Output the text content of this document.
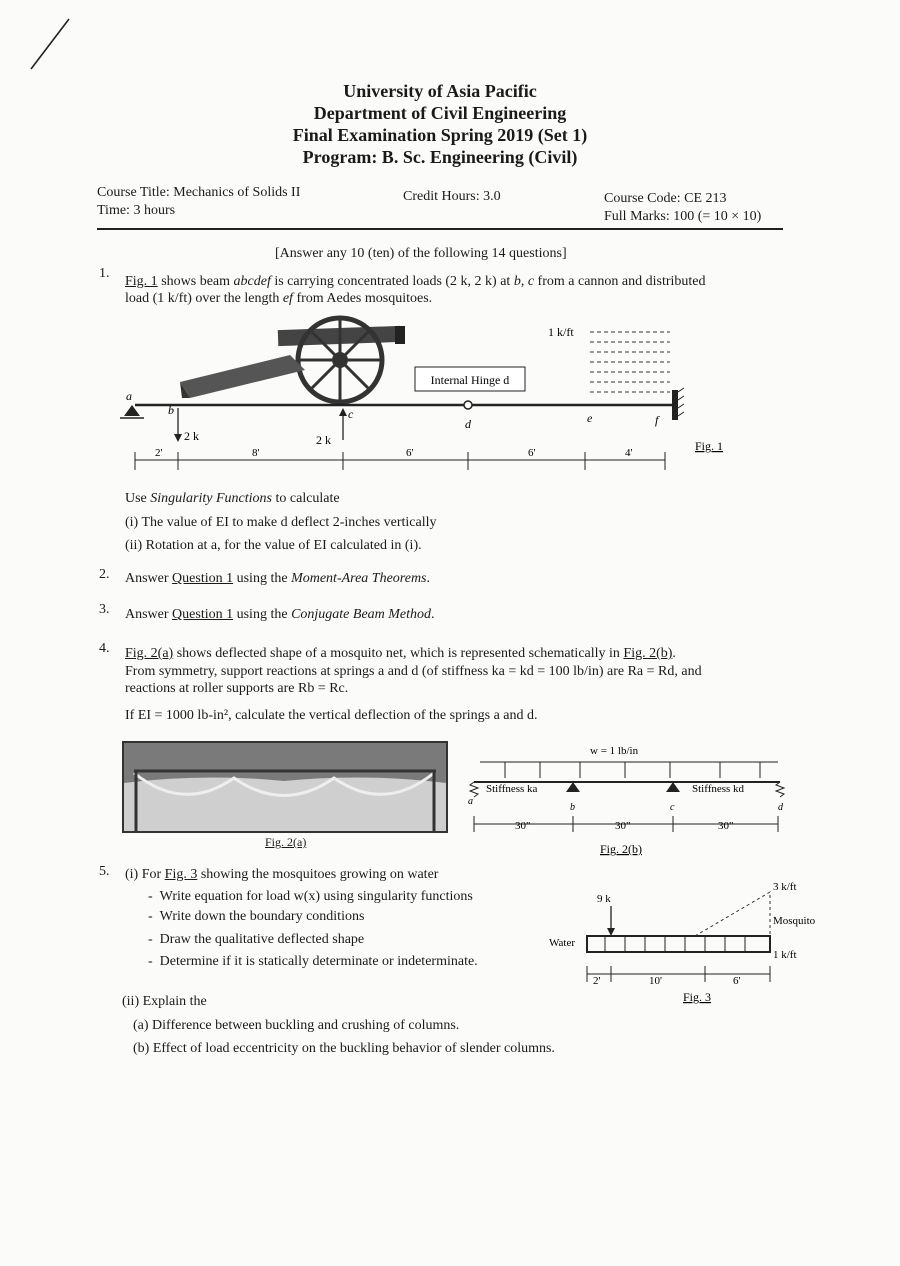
University of Asia Pacific
Department of Civil Engineering
Final Examination Spring 2019 (Set 1)
Program: B. Sc. Engineering (Civil)
Course Title: Mechanics of Solids II
Time: 3 hours
Credit Hours: 3.0	Course Code: CE 213
Full Marks: 100 (= 10 × 10)
[Answer any 10 (ten) of the following 14 questions]
1.
Fig. 1 shows beam abcdef is carrying concentrated loads (2 k, 2 k) at b, c from a cannon and distributed
load (1 k/ft) over the length ef from Aedes mosquitoes.
Internal Hinge d
1 k/ft
2 k	2 k
a
b	c
d	e	f
2'	8'	6'	6'	4'	Fig. 1
Use Singularity Functions to calculate
(i) The value of EI to make d deflect 2-inches vertically
(ii) Rotation at a, for the value of EI calculated in (i).
2. Answer Question 1 using the Moment-Area Theorems.
3. Answer Question 1 using the Conjugate Beam Method.
4. Fig. 2(a) shows deflected shape of a mosquito net, which is represented schematically in Fig. 2(b).
From symmetry, support reactions at springs a and d (of stiffness ka = kd = 100 lb/in) are Ra = Rd, and
reactions at roller supports are Rb = Rc.
If EI = 1000 lb-in², calculate the vertical deflection of the springs a and d.
Fig. 2(a)
w = 1 lb/in
Stiffness ka	Stiffness kd
a
b	c	d
30"	30"	30"
Fig. 2(b)
5. (i) For Fig. 3 showing the mosquitoes growing on water
-  Write equation for load w(x) using singularity functions
-  Write down the boundary conditions
-  Draw the qualitative deflected shape
-  Determine if it is statically determinate or indeterminate.
(ii) Explain the
(a) Difference between buckling and crushing of columns.
(b) Effect of load eccentricity on the buckling behavior of slender columns.
9 k
3 k/ft
Mosquito
Water
1 k/ft
2'	10'	6'
Fig. 3
